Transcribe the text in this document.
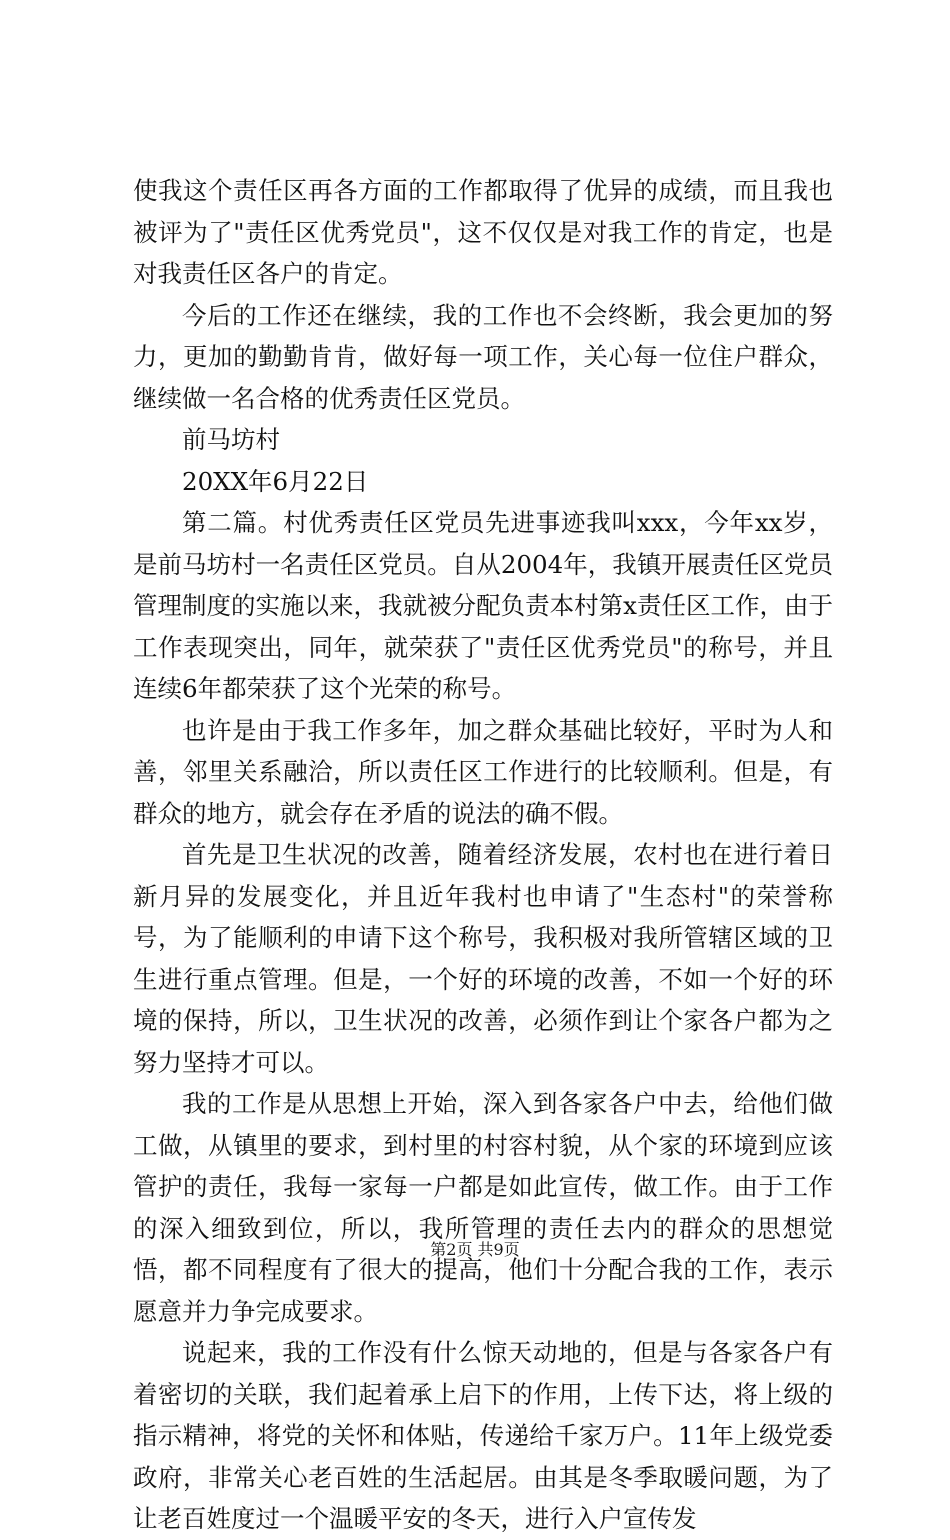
使我这个责任区再各方面的工作都取得了优异的成绩，而且我也被评为了"责任区优秀党员"，这不仅仅是对我工作的肯定，也是对我责任区各户的肯定。

今后的工作还在继续，我的工作也不会终断，我会更加的努力，更加的勤勤肯肯，做好每一项工作，关心每一位住户群众，继续做一名合格的优秀责任区党员。

前马坊村

20XX年6月22日

第二篇。村优秀责任区党员先进事迹我叫xxx，今年xx岁，是前马坊村一名责任区党员。自从2004年，我镇开展责任区党员管理制度的实施以来，我就被分配负责本村第x责任区工作，由于工作表现突出，同年，就荣获了"责任区优秀党员"的称号，并且连续6年都荣获了这个光荣的称号。

也许是由于我工作多年，加之群众基础比较好，平时为人和善，邻里关系融洽，所以责任区工作进行的比较顺利。但是，有群众的地方，就会存在矛盾的说法的确不假。

首先是卫生状况的改善，随着经济发展，农村也在进行着日新月异的发展变化，并且近年我村也申请了"生态村"的荣誉称号，为了能顺利的申请下这个称号，我积极对我所管辖区域的卫生进行重点管理。但是，一个好的环境的改善，不如一个好的环境的保持，所以，卫生状况的改善，必须作到让个家各户都为之努力坚持才可以。

我的工作是从思想上开始，深入到各家各户中去，给他们做工做，从镇里的要求，到村里的村容村貌，从个家的环境到应该管护的责任，我每一家每一户都是如此宣传，做工作。由于工作的深入细致到位，所以，我所管理的责任去内的群众的思想觉悟，都不同程度有了很大的提高，他们十分配合我的工作，表示愿意并力争完成要求。

说起来，我的工作没有什么惊天动地的，但是与各家各户有着密切的关联，我们起着承上启下的作用，上传下达，将上级的指示精神，将党的关怀和体贴，传递给千家万户。11年上级党委政府，非常关心老百姓的生活起居。由其是冬季取暖问题，为了让老百姓度过一个温暖平安的冬天，进行入户宣传发

第2页 共9页
